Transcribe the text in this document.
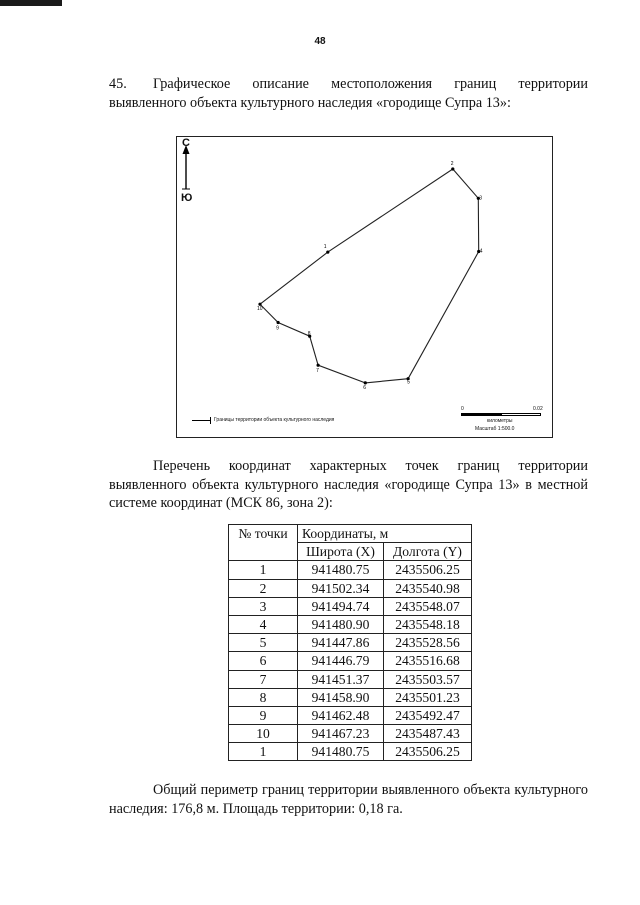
48
45. Графическое описание местоположения границ территории выявленного объекта культурного наследия «городище Супра 13»:
1
2
3
4
5
6
7
8
9
10
С
Ю
Границы территории объекта культурного наследия
0	0.02
километры
Масштаб 1:500.0
Перечень координат характерных точек границ территории выявленного объекта культурного наследия «городище Супра 13» в местной системе координат (МСК 86, зона 2):
№ точки	Координаты, м	
	Широта (X)	Долгота (Y)
1	941480.75	2435506.25
2	941502.34	2435540.98
3	941494.74	2435548.07
4	941480.90	2435548.18
5	941447.86	2435528.56
6	941446.79	2435516.68
7	941451.37	2435503.57
8	941458.90	2435501.23
9	941462.48	2435492.47
10	941467.23	2435487.43
1	941480.75	2435506.25
Общий периметр границ территории выявленного объекта культурного наследия: 176,8 м. Площадь территории: 0,18 га.
